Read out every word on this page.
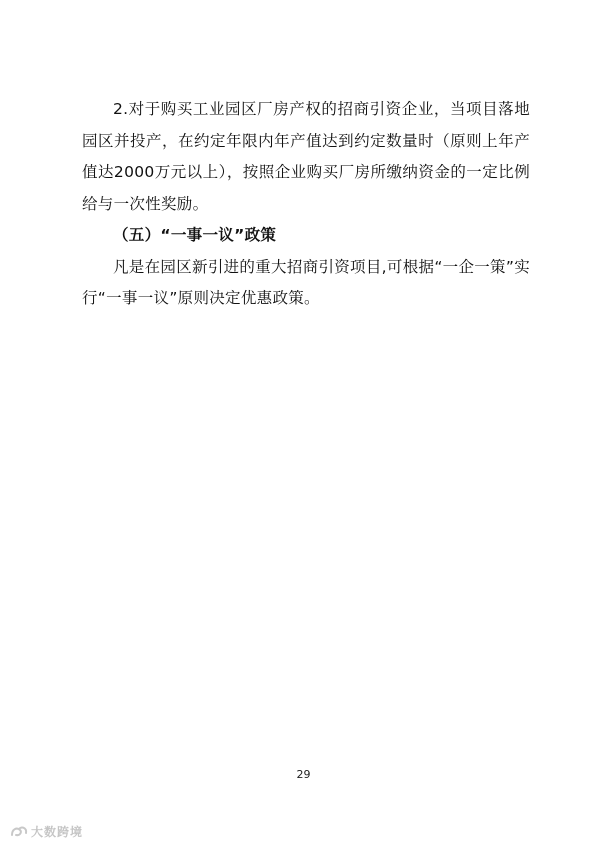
2.对于购买工业园区厂房产权的招商引资企业，当项目落地园区并投产，在约定年限内年产值达到约定数量时（原则上年产值达2000万元以上），按照企业购买厂房所缴纳资金的一定比例给与一次性奖励。

（五）“一事一议”政策

凡是在园区新引进的重大招商引资项目,可根据“一企一策”实行“一事一议”原则决定优惠政策。

29
大数跨境
